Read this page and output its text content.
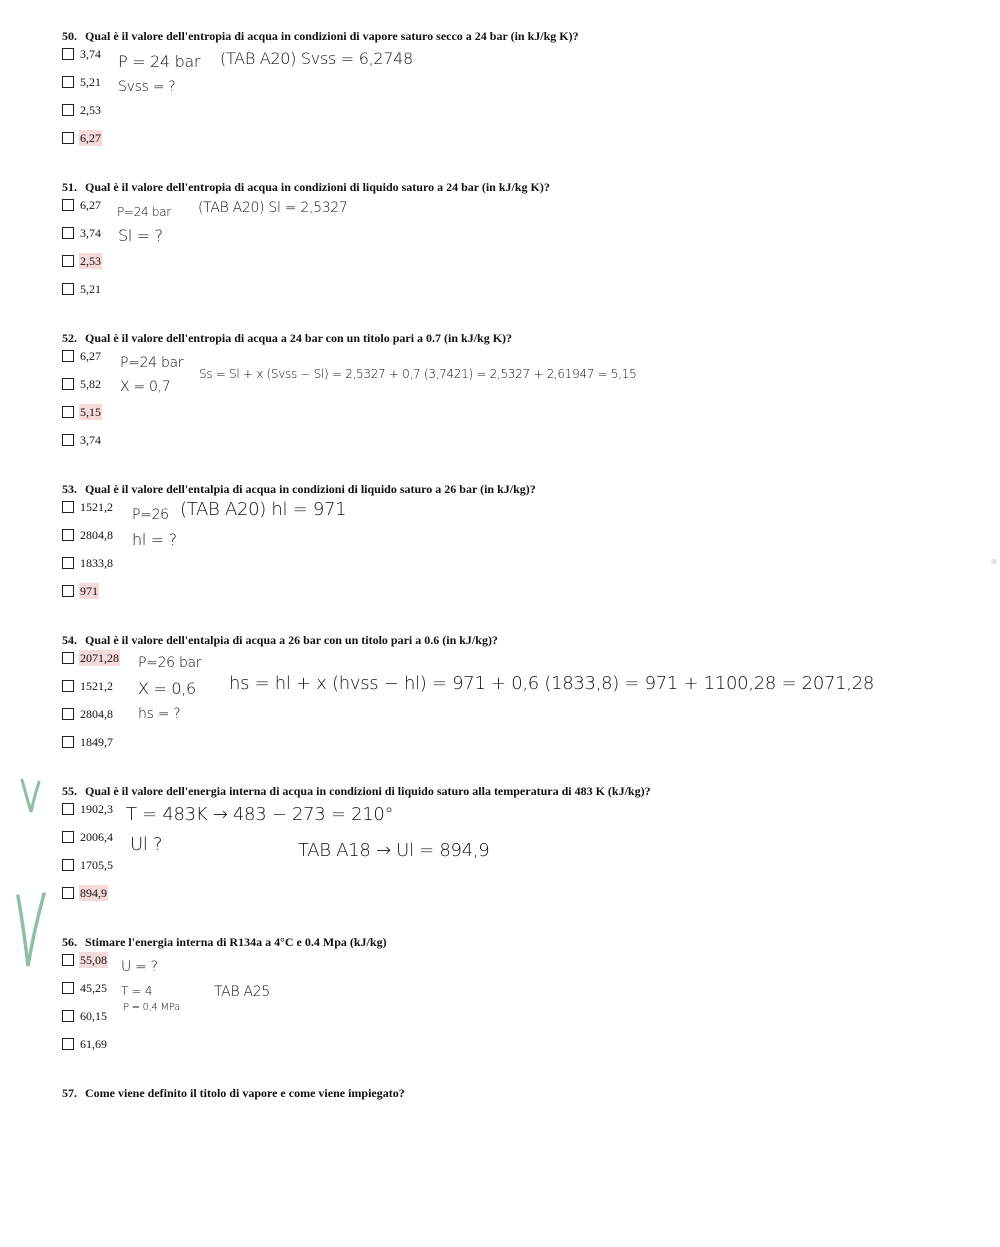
50. Qual è il valore dell'entropia di acqua in condizioni di vapore saturo secco a 24 bar (in kJ/kg K)?
3,74
5,21
2,53
6,27
P = 24 bar (TAB A20) Svss = 6,2748
Svss = ?
51. Qual è il valore dell'entropia di acqua in condizioni di liquido saturo a 24 bar (in kJ/kg K)?
6,27
3,74
2,53
5,21
P=24 bar (TAB A20) Sl = 2,5327
Sl = ?
52. Qual è il valore dell'entropia di acqua a 24 bar con un titolo pari a 0.7 (in kJ/kg K)?
6,27
5,82
5,15
3,74
P=24 bar
X = 0,7
Ss = Sl + x (Svss − Sl) = 2,5327 + 0,7 (3,7421) = 2,5327 + 2,61947 = 5,15
53. Qual è il valore dell'entalpia di acqua in condizioni di liquido saturo a 26 bar (in kJ/kg)?
1521,2
2804,8
1833,8
971
P=26 (TAB A20) hl = 971
hl = ?
54. Qual è il valore dell'entalpia di acqua a 26 bar con un titolo pari a 0.6 (in kJ/kg)?
2071,28
1521,2
2804,8
1849,7
P=26 bar
X = 0,6
hs = ?
hs = hl + x (hvss − hl) = 971 + 0,6 (1833,8) = 971 + 1100,28 = 2071,28
55. Qual è il valore dell'energia interna di acqua in condizioni di liquido saturo alla temperatura di 483 K (kJ/kg)?
1902,3
2006,4
1705,5
894,9
T = 483K → 483 − 273 = 210°
Ul ?	TAB A18 → Ul = 894,9
56. Stimare l'energia interna di R134a a 4°C e 0.4 Mpa (kJ/kg)
55,08
45,25
60,15
61,69
U = ?
T = 4
P = 0,4 MPa
TAB A25
57. Come viene definito il titolo di vapore e come viene impiegato?
